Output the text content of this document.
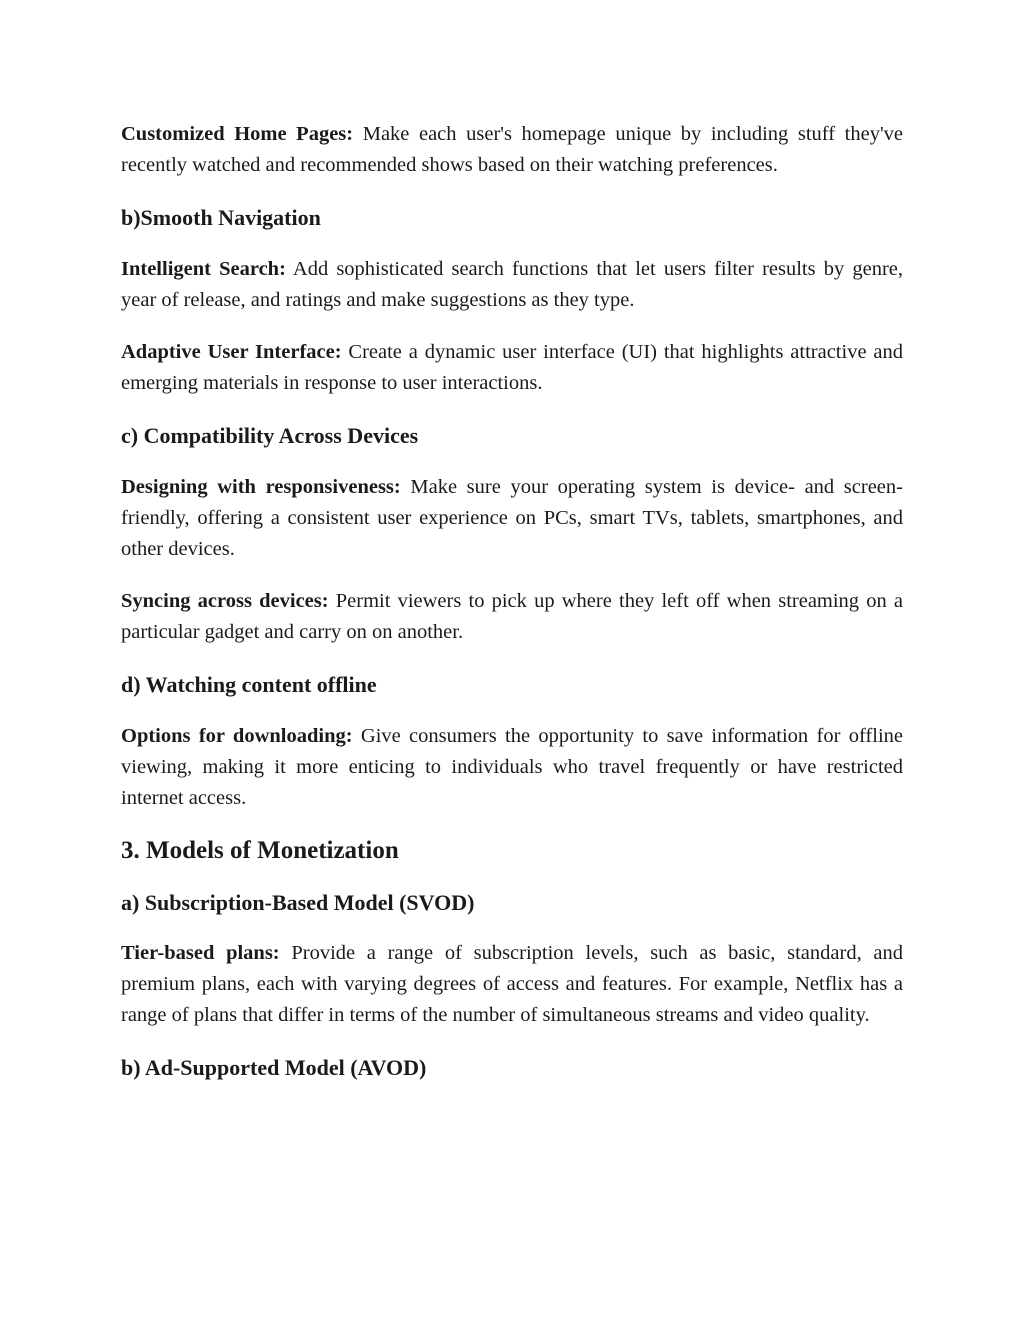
Customized Home Pages: Make each user's homepage unique by including stuff they've recently watched and recommended shows based on their watching preferences.

b)Smooth Navigation

Intelligent Search: Add sophisticated search functions that let users filter results by genre, year of release, and ratings and make suggestions as they type.

Adaptive User Interface: Create a dynamic user interface (UI) that highlights attractive and emerging materials in response to user interactions.

c) Compatibility Across Devices

Designing with responsiveness: Make sure your operating system is device- and screen-friendly, offering a consistent user experience on PCs, smart TVs, tablets, smartphones, and other devices.

Syncing across devices: Permit viewers to pick up where they left off when streaming on a particular gadget and carry on on another.

d) Watching content offline

Options for downloading: Give consumers the opportunity to save information for offline viewing, making it more enticing to individuals who travel frequently or have restricted internet access.

3. Models of Monetization
a) Subscription-Based Model (SVOD)

Tier-based plans: Provide a range of subscription levels, such as basic, standard, and premium plans, each with varying degrees of access and features. For example, Netflix has a range of plans that differ in terms of the number of simultaneous streams and video quality.

b) Ad-Supported Model (AVOD)
